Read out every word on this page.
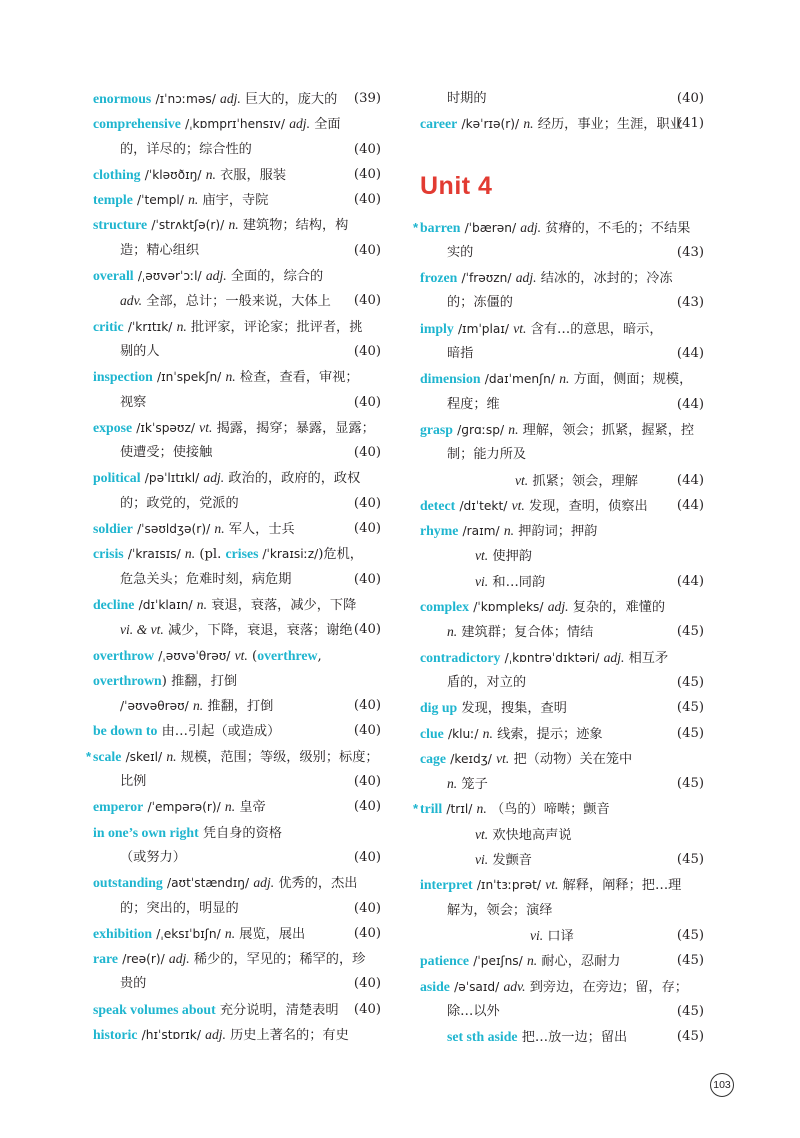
enormous /ɪˈnɔːməs/ adj. 巨大的，庞大的 (39)
comprehensive /ˌkɒmprɪˈhensɪv/ adj. 全面
的，详尽的；综合性的	(40)
clothing /ˈkləʊðɪŋ/ n. 衣服，服装	(40)
temple /ˈtempl/ n. 庙宇，寺院	(40)
structure /ˈstrʌktʃə(r)/ n. 建筑物；结构，构
造；精心组织	(40)
overall /ˌəʊvərˈɔːl/ adj. 全面的，综合的
adv. 全部，总计；一般来说，大体上 (40)
critic /ˈkrɪtɪk/ n. 批评家，评论家；批评者，挑
剔的人	(40)
inspection /ɪnˈspekʃn/ n. 检查，查看，审视；
视察	(40)
expose /ɪkˈspəʊz/ vt. 揭露，揭穿；暴露，显露；
使遭受；使接触	(40)
political /pəˈlɪtɪkl/ adj. 政治的，政府的，政权
的；政党的，党派的	(40)
soldier /ˈsəʊldʒə(r)/ n. 军人，士兵	(40)
crisis /ˈkraɪsɪs/ n. (pl. crises /ˈkraɪsiːz/)危机，
危急关头；危难时刻，病危期	(40)
decline /dɪˈklaɪn/ n. 衰退，衰落，减少，下降
vi. & vt. 减少，下降，衰退，衰落；谢绝 (40)
overthrow /ˌəʊvəˈθrəʊ/ vt. (overthrew,
overthrown) 推翻，打倒
/ˈəʊvəθrəʊ/ n. 推翻，打倒	(40)
be down to 由…引起（或造成）	(40)
* scale /skeɪl/ n. 规模，范围；等级，级别；标度；
比例	(40)
emperor /ˈempərə(r)/ n. 皇帝	(40)
in one’s own right 凭自身的资格
（或努力）	(40)
outstanding /aʊtˈstændɪŋ/ adj. 优秀的，杰出
的；突出的，明显的	(40)
exhibition /ˌeksɪˈbɪʃn/ n. 展览，展出	(40)
rare /reə(r)/ adj. 稀少的，罕见的；稀罕的，珍
贵的	(40)
speak volumes about 充分说明，清楚表明 (40)
historic /hɪˈstɒrɪk/ adj. 历史上著名的；有史
时期的	(40)
career /kəˈrɪə(r)/ n. 经历，事业；生涯，职业
(41)
Unit 4
* barren /ˈbærən/ adj. 贫瘠的，不毛的；不结果
实的	(43)
frozen /ˈfrəʊzn/ adj. 结冰的，冰封的；冷冻
的；冻僵的	(43)
imply /ɪmˈplaɪ/ vt. 含有…的意思，暗示，
暗指	(44)
dimension /daɪˈmenʃn/ n. 方面，侧面；规模，
程度；维	(44)
grasp /ɡrɑːsp/ n. 理解，领会；抓紧，握紧，控
制；能力所及
vt. 抓紧；领会，理解	(44)
detect /dɪˈtekt/ vt. 发现，查明，侦察出 (44)
rhyme /raɪm/ n. 押韵词；押韵
vt. 使押韵
vi. 和…同韵	(44)
complex /ˈkɒmpleks/ adj. 复杂的，难懂的
n. 建筑群；复合体；情结	(45)
contradictory /ˌkɒntrəˈdɪktəri/ adj. 相互矛
盾的，对立的	(45)
dig up 发现，搜集，查明	(45)
clue /kluː/ n. 线索，提示；迹象	(45)
cage /keɪdʒ/ vt. 把（动物）关在笼中
n. 笼子	(45)
* trill /trɪl/ n. （鸟的）啼啭；颤音
vt. 欢快地高声说
vi. 发颤音	(45)
interpret /ɪnˈtɜːprət/ vt. 解释，阐释；把…理
解为，领会；演绎
vi. 口译	(45)
patience /ˈpeɪʃns/ n. 耐心，忍耐力	(45)
aside /əˈsaɪd/ adv. 到旁边，在旁边；留，存；
除…以外	(45)
set sth aside 把…放一边；留出	(45)
103
